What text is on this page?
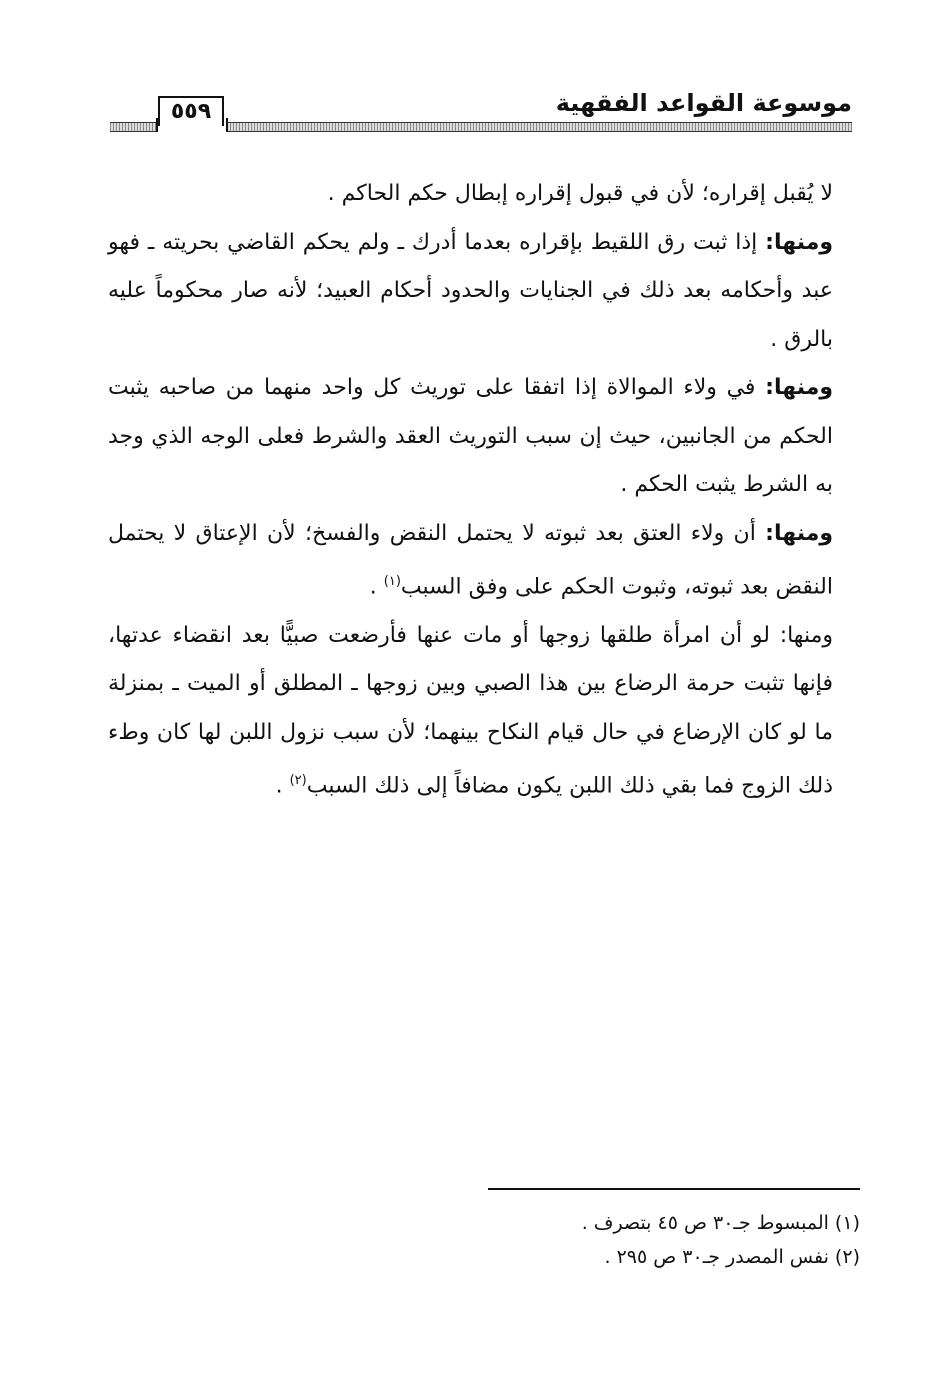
٥٥٩	موسوعة القواعد الفقهية

لا يُقبل إقراره؛ لأن في قبول إقراره إبطال حكم الحاكم .

ومنها: إذا ثبت رق اللقيط بإقراره بعدما أدرك ـ ولم يحكم القاضي بحريته ـ فهو عبد وأحكامه بعد ذلك في الجنايات والحدود أحكام العبيد؛ لأنه صار محكوماً عليه بالرق .

ومنها: في ولاء الموالاة إذا اتفقا على توريث كل واحد منهما من صاحبه يثبت الحكم من الجانبين، حيث إن سبب التوريث العقد والشرط فعلى الوجه الذي وجد به الشرط يثبت الحكم .

ومنها: أن ولاء العتق بعد ثبوته لا يحتمل النقض والفسخ؛ لأن الإعتاق لا يحتمل النقض بعد ثبوته، وثبوت الحكم على وفق السبب$^{(١)}$ .

ومنها: لو أن امرأة طلقها زوجها أو مات عنها فأرضعت صبيًّا بعد انقضاء عدتها، فإنها تثبت حرمة الرضاع بين هذا الصبي وبين زوجها ـ المطلق أو الميت ـ بمنزلة ما لو كان الإرضاع في حال قيام النكاح بينهما؛ لأن سبب نزول اللبن لها كان وطء ذلك الزوج فما بقي ذلك اللبن يكون مضافاً إلى ذلك السبب$^{(٢)}$ .

(١) المبسوط جـ٣٠ ص ٤٥ بتصرف .

(٢) نفس المصدر جـ٣٠ ص ٢٩٥ .
